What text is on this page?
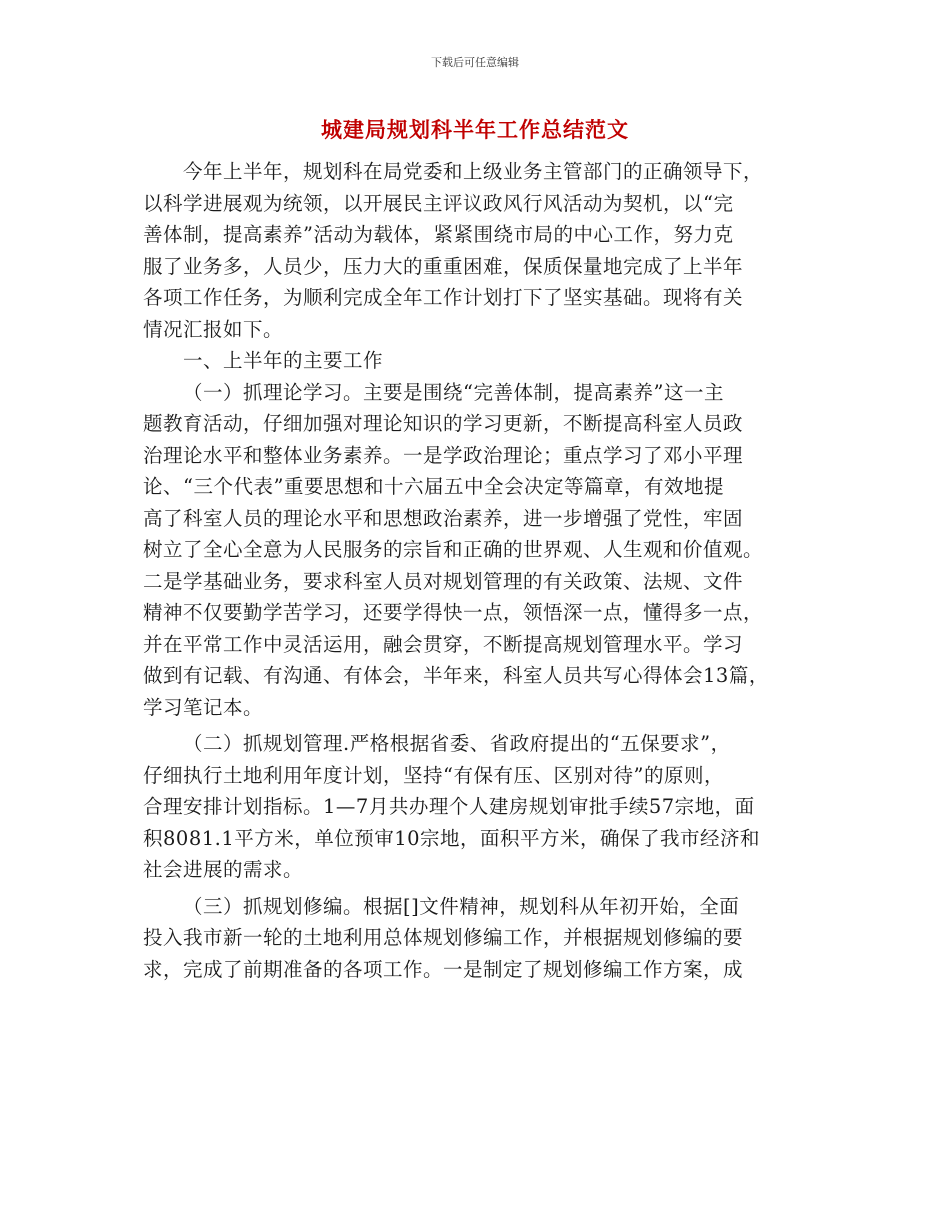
下载后可任意编辑
城建局规划科半年工作总结范文
今年上半年，规划科在局党委和上级业务主管部门的正确领导下，
以科学进展观为统领，以开展民主评议政风行风活动为契机，以“完
善体制，提高素养”活动为载体，紧紧围绕市局的中心工作，努力克
服了业务多，人员少，压力大的重重困难，保质保量地完成了上半年
各项工作任务，为顺利完成全年工作计划打下了坚实基础。现将有关
情况汇报如下。
一、上半年的主要工作
（一）抓理论学习。主要是围绕“完善体制，提高素养”这一主
题教育活动，仔细加强对理论知识的学习更新，不断提高科室人员政
治理论水平和整体业务素养。一是学政治理论；重点学习了邓小平理
论、“三个代表”重要思想和十六届五中全会决定等篇章，有效地提
高了科室人员的理论水平和思想政治素养，进一步增强了党性，牢固
树立了全心全意为人民服务的宗旨和正确的世界观、人生观和价值观。
二是学基础业务，要求科室人员对规划管理的有关政策、法规、文件
精神不仅要勤学苦学习，还要学得快一点，领悟深一点，懂得多一点，
并在平常工作中灵活运用，融会贯穿，不断提高规划管理水平。学习
做到有记载、有沟通、有体会，半年来，科室人员共写心得体会13篇，
学习笔记本。
（二）抓规划管理.严格根据省委、省政府提出的“五保要求”，
仔细执行土地利用年度计划，坚持“有保有压、区别对待”的原则，
合理安排计划指标。1—7月共办理个人建房规划审批手续57宗地，面
积8081.1平方米，单位预审10宗地，面积平方米，确保了我市经济和
社会进展的需求。
（三）抓规划修编。根据[]文件精神，规划科从年初开始，全面
投入我市新一轮的土地利用总体规划修编工作，并根据规划修编的要
求，完成了前期准备的各项工作。一是制定了规划修编工作方案，成
